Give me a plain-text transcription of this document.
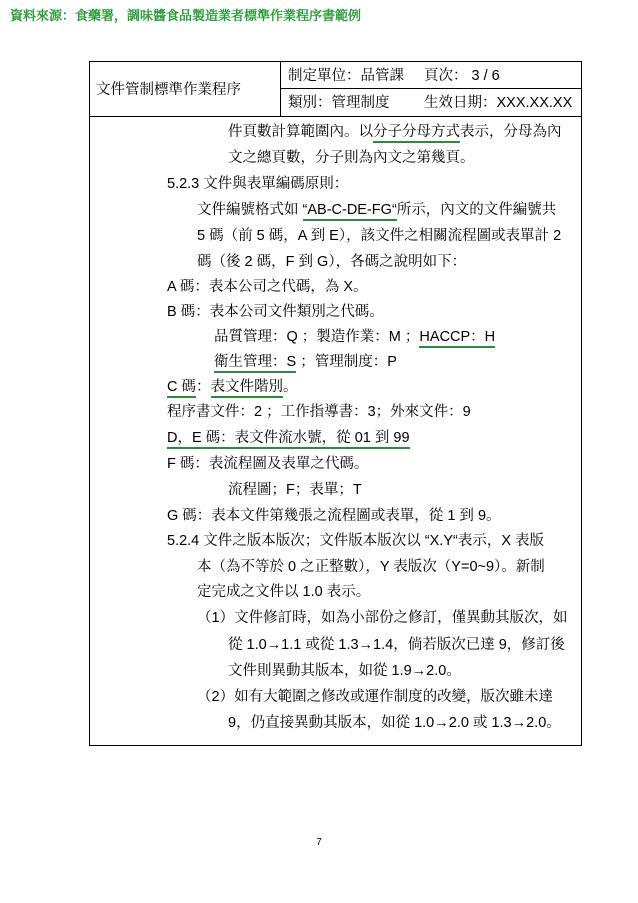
資料來源：食藥署，調味醬食品製造業者標準作業程序書範例
文件管制標準作業程序
制定單位：品管課 頁次： 3 / 6
類別：管理制度 生效日期：XXX.XX.XX
件頁數計算範圍內。以分子分母方式表示，分母為內
文之總頁數，分子則為內文之第幾頁。
5.2.3 文件與表單編碼原則：
文件編號格式如 “AB-C-DE-FG“所示，內文的文件編號共
5 碼（前 5 碼，A 到 E），該文件之相關流程圖或表單計 2
碼（後 2 碼，F 到 G），各碼之說明如下：
A 碼：表本公司之代碼，為 X。
B 碼：表本公司文件類別之代碼。
品質管理：Q ；製造作業：M ；HACCP：H
衛生管理：S ；管理制度：P
C 碼：表文件階別。
程序書文件：2 ；工作指導書：3；外來文件：9
D，E 碼：表文件流水號，從 01 到 99
F 碼：表流程圖及表單之代碼。
流程圖；F；表單；T
G 碼：表本文件第幾張之流程圖或表單，從 1 到 9。
5.2.4 文件之版本版次；文件版本版次以 “X.Y“表示，X 表版
本（為不等於 0 之正整數），Y 表版次（Y=0~9）。新制
定完成之文件以 1.0 表示。
（1）文件修訂時，如為小部份之修訂，僅異動其版次，如
從 1.0→1.1 或從 1.3→1.4，倘若版次已達 9，修訂後
文件則異動其版本，如從 1.9→2.0。
（2）如有大範圍之修改或運作制度的改變，版次雖未達
9，仍直接異動其版本，如從 1.0→2.0 或 1.3→2.0。
7
